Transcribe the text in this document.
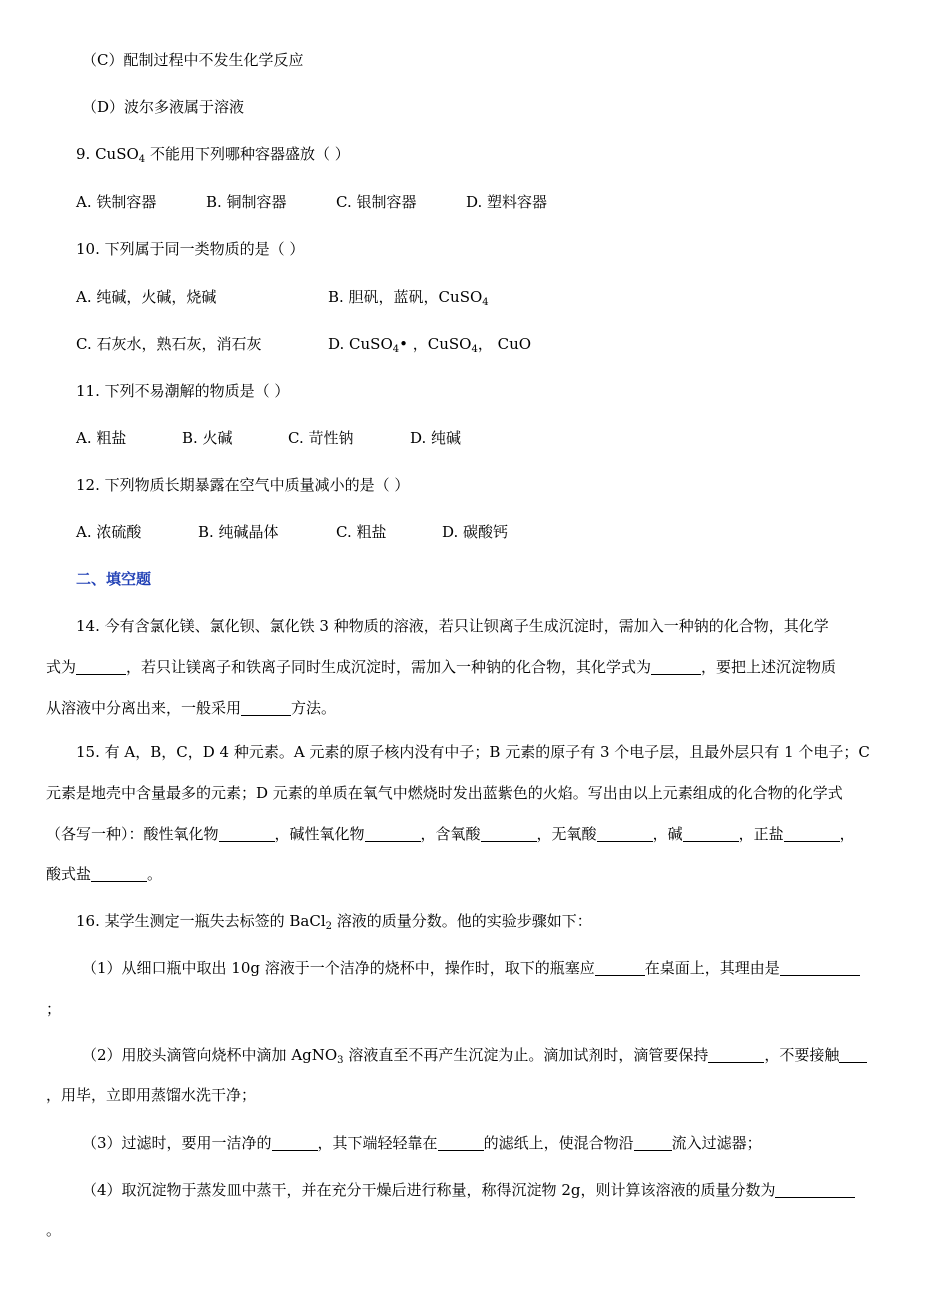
（C）配制过程中不发生化学反应
（D）波尔多液属于溶液
9. CuSO$_4$ 不能用下列哪种容器盛放（ ）
A. 铁制容器	B. 铜制容器	C. 银制容器	D. 塑料容器
10. 下列属于同一类物质的是（ ）
A. 纯碱，火碱，烧碱	B. 胆矾，蓝矾，CuSO$_4$
C. 石灰水，熟石灰，消石灰	D. CuSO$_4$• ，CuSO$_4$， CuO
11. 下列不易潮解的物质是（ ）
A. 粗盐	B. 火碱	C. 苛性钠	D. 纯碱
12. 下列物质长期暴露在空气中质量减小的是（ ）
A. 浓硫酸	B. 纯碱晶体	C. 粗盐	D. 碳酸钙
二、填空题
14. 今有含氯化镁、氯化钡、氯化铁 3 种物质的溶液，若只让钡离子生成沉淀时，需加入一种钠的化合物，其化学
式为	，若只让镁离子和铁离子同时生成沉淀时，需加入一种钠的化合物，其化学式为	，要把上述沉淀物质
从溶液中分离出来，一般采用	方法。
15. 有 A，B，C，D 4 种元素。A 元素的原子核内没有中子；B 元素的原子有 3 个电子层，且最外层只有 1 个电子；C
元素是地壳中含量最多的元素；D 元素的单质在氧气中燃烧时发出蓝紫色的火焰。写出由以上元素组成的化合物的化学式
（各写一种）：酸性氧化物	，碱性氧化物	，含氧酸	，无氧酸	，碱	，正盐	，
酸式盐	。
16. 某学生测定一瓶失去标签的 BaCl$_2$ 溶液的质量分数。他的实验步骤如下：
（1）从细口瓶中取出 10g 溶液于一个洁净的烧杯中，操作时，取下的瓶塞应	在桌面上，其理由是
；
（2）用胶头滴管向烧杯中滴加 AgNO$_3$ 溶液直至不再产生沉淀为止。滴加试剂时，滴管要保持	，不要接触
，用毕，立即用蒸馏水洗干净；
（3）过滤时，要用一洁净的	，其下端轻轻靠在	的滤纸上，使混合物沿	流入过滤器；
（4）取沉淀物于蒸发皿中蒸干，并在充分干燥后进行称量，称得沉淀物 2g，则计算该溶液的质量分数为
。
